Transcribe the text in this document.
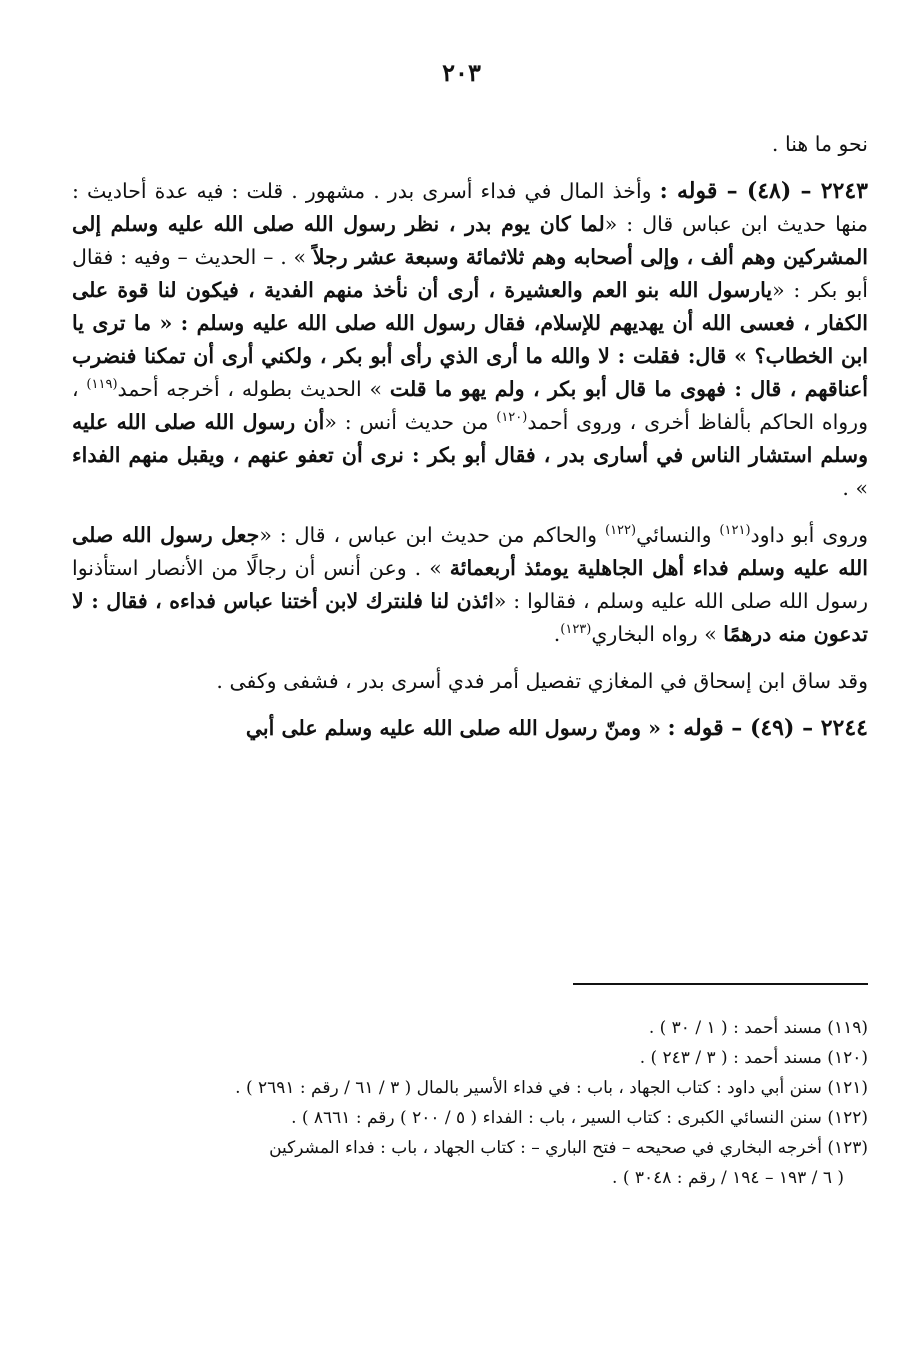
٢٠٣

نحو ما هنا .

٢٢٤٣ – (٤٨) – قوله : وأخذ المال في فداء أسرى بدر . مشهور . قلت : فيه عدة أحاديث : منها حديث ابن عباس قال : «لما كان يوم بدر ، نظر رسول الله صلى الله عليه وسلم إلى المشركين وهم ألف ، وإلى أصحابه وهم ثلاثمائة وسبعة عشر رجلاً » . – الحديث – وفيه : فقال أبو بكر : «يارسول الله بنو العم والعشيرة ، أرى أن نأخذ منهم الفدية ، فيكون لنا قوة على الكفار ، فعسى الله أن يهديهم للإسلام، فقال رسول الله صلى الله عليه وسلم : « ما ترى يا ابن الخطاب؟ » قال: فقلت : لا والله ما أرى الذي رأى أبو بكر ، ولكني أرى أن تمكنا فنضرب أعناقهم ، قال : فهوى ما قال أبو بكر ، ولم يهو ما قلت » الحديث بطوله ، أخرجه أحمد$^{(١١٩)}$ ، ورواه الحاكم بألفاظ أخرى ، وروى أحمد$^{(١٢٠)}$ من حديث أنس : «أن رسول الله صلى الله عليه وسلم استشار الناس في أسارى بدر ، فقال أبو بكر : نرى أن تعفو عنهم ، ويقبل منهم الفداء » .

وروى أبو داود$^{(١٢١)}$ والنسائي$^{(١٢٢)}$ والحاكم من حديث ابن عباس ، قال : «جعل رسول الله صلى الله عليه وسلم فداء أهل الجاهلية يومئذ أربعمائة » . وعن أنس أن رجالًا من الأنصار استأذنوا رسول الله صلى الله عليه وسلم ، فقالوا : «ائذن لنا فلنترك لابن أختنا عباس فداءه ، فقال : لا تدعون منه درهمًا » رواه البخاري$^{(١٢٣)}$.

وقد ساق ابن إسحاق في المغازي تفصيل أمر فدي أسرى بدر ، فشفى وكفى .

٢٢٤٤ – (٤٩) – قوله : « ومنّ رسول الله صلى الله عليه وسلم على أبي

(١١٩) مسند أحمد : ( ١ / ٣٠ ) .

(١٢٠) مسند أحمد : ( ٣ / ٢٤٣ ) .

(١٢١) سنن أبي داود : كتاب الجهاد ، باب : في فداء الأسير بالمال ( ٣ / ٦١ / رقم : ٢٦٩١ ) .

(١٢٢) سنن النسائي الكبرى : كتاب السير ، باب : الفداء ( ٥ / ٢٠٠ ) رقم : ٨٦٦١ ) .

(١٢٣) أخرجه البخاري في صحيحه – فتح الباري – : كتاب الجهاد ، باب : فداء المشركين

( ٦ / ١٩٣ – ١٩٤ / رقم : ٣٠٤٨ ) .
